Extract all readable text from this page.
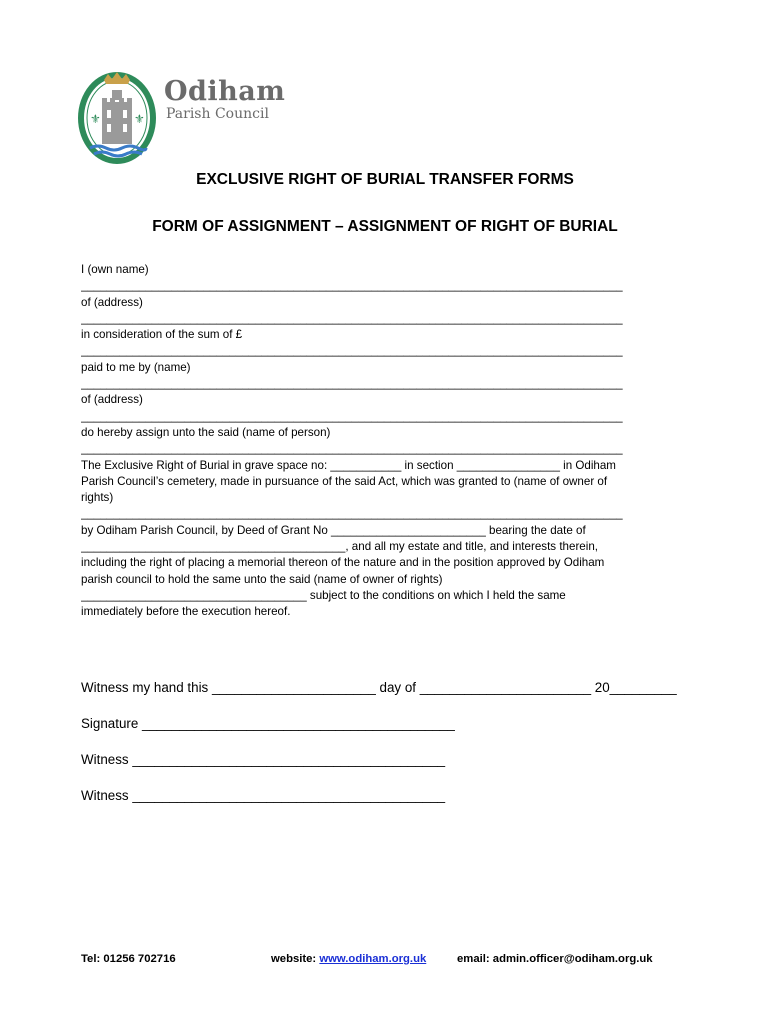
⚜	⚜
Odiham
Parish Council
EXCLUSIVE RIGHT OF BURIAL TRANSFER FORMS
FORM OF ASSIGNMENT – ASSIGNMENT OF RIGHT OF BURIAL
I (own name)
____________________________________________________________________________________
of (address)
____________________________________________________________________________________
in consideration of the sum of £
____________________________________________________________________________________
paid to me by (name)
____________________________________________________________________________________
of (address)
____________________________________________________________________________________
do hereby assign unto the said (name of person)
____________________________________________________________________________________
The Exclusive Right of Burial in grave space no: ___________ in section ________________ in Odiham
Parish Council’s cemetery, made in pursuance of the said Act, which was granted to (name of owner of
rights)
____________________________________________________________________________________
by Odiham Parish Council, by Deed of Grant No ________________________ bearing the date of
_________________________________________, and all my estate and title, and interests therein,
including the right of placing a memorial thereon of the nature and in the position approved by Odiham
parish council to hold the same unto the said (name of owner of rights)
___________________________________ subject to the conditions on which I held the same
immediately before the execution hereof.
Witness my hand this ______________________ day of _______________________ 20_________
Signature __________________________________________
Witness __________________________________________
Witness __________________________________________
Tel: 01256 702716	website: www.odiham.org.uk	email: admin.officer@odiham.org.uk
